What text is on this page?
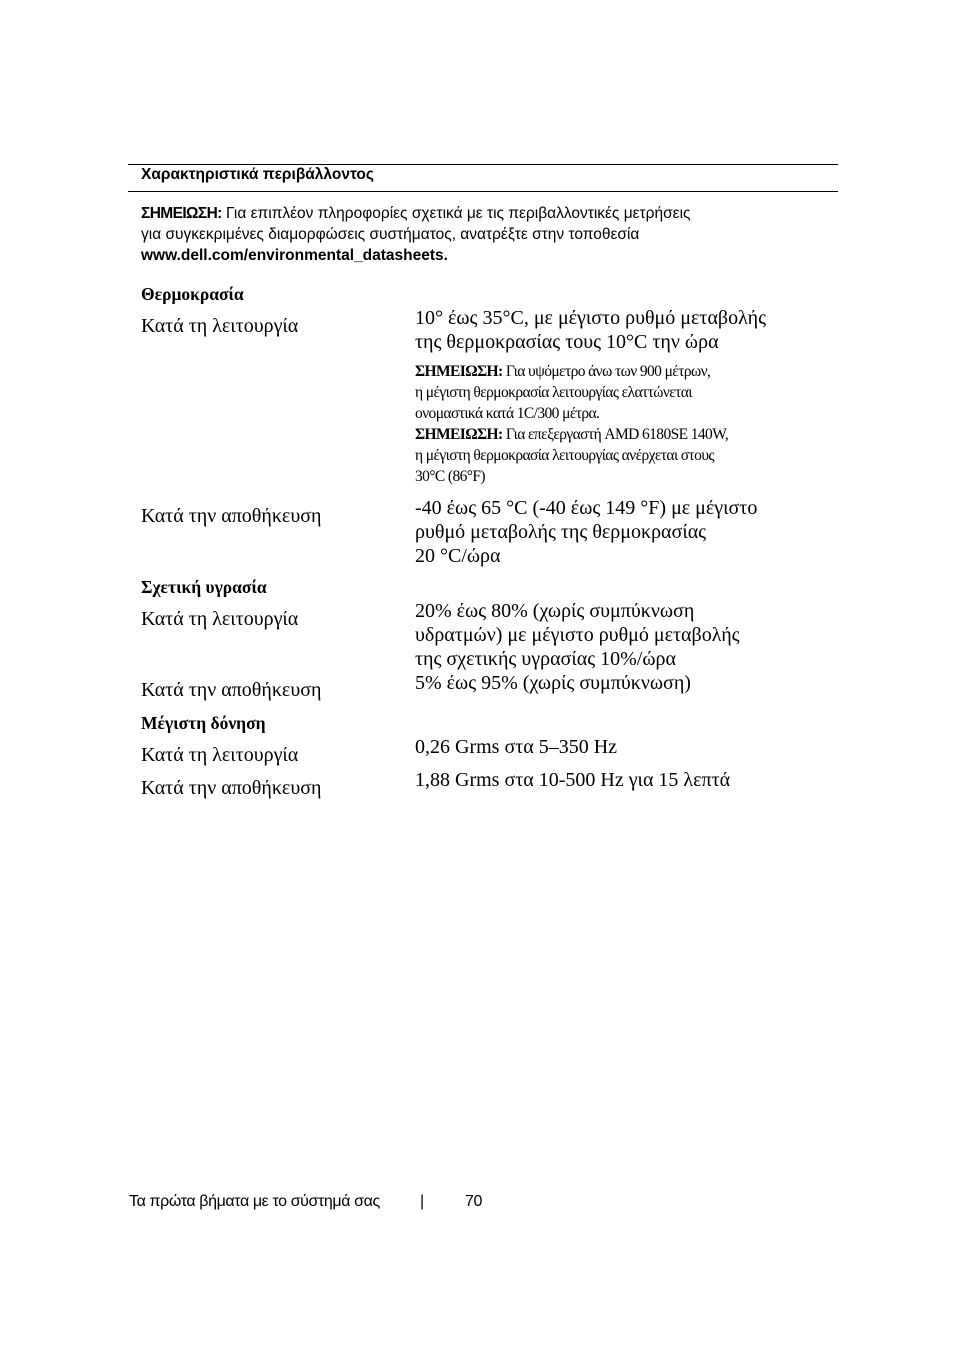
Χαρακτηριστικά περιβάλλοντος
ΣΗΜΕΙΩΣΗ: Για επιπλέον πληροφορίες σχετικά με τις περιβαλλοντικές μετρήσεις
για συγκεκριμένες διαμορφώσεις συστήματος, ανατρέξτε στην τοποθεσία
www.dell.com/environmental_datasheets.
Θερμοκρασία
Κατά τη λειτουργία	10° έως 35°C, με μέγιστο ρυθμό μεταβολής
της θερμοκρασίας τους 10°C την ώρα
ΣΗΜΕΙΩΣΗ: Για υψόμετρο άνω των 900 μέτρων,
η μέγιστη θερμοκρασία λειτουργίας ελαττώνεται
ονομαστικά κατά 1C/300 μέτρα.
ΣΗΜΕΙΩΣΗ: Για επεξεργαστή AMD 6180SE 140W,
η μέγιστη θερμοκρασία λειτουργίας ανέρχεται στους
30°C (86°F)
Κατά την αποθήκευση	-40 έως 65 °C (-40 έως 149 °F) με μέγιστο
ρυθμό μεταβολής της θερμοκρασίας
20 °C/ώρα
Σχετική υγρασία
Κατά τη λειτουργία	20% έως 80% (χωρίς συμπύκνωση
υδρατμών) με μέγιστο ρυθμό μεταβολής
της σχετικής υγρασίας 10%/ώρα
Κατά την αποθήκευση	5% έως 95% (χωρίς συμπύκνωση)
Μέγιστη δόνηση
Κατά τη λειτουργία	0,26 Grms στα 5–350 Hz
Κατά την αποθήκευση	1,88 Grms στα 10-500 Hz για 15 λεπτά
Τα πρώτα βήματα με το σύστημά σας	|	70
